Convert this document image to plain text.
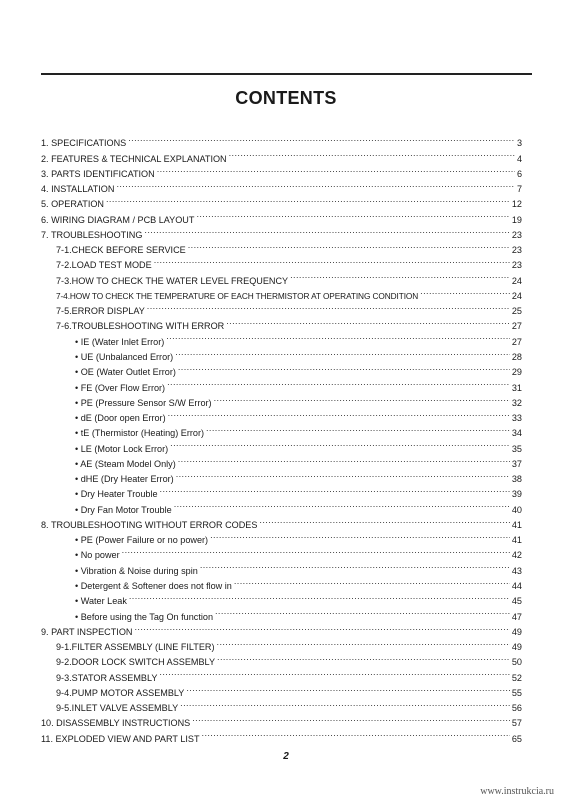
CONTENTS
1. SPECIFICATIONS .....	3
2. FEATURES & TECHNICAL EXPLANATION .....	4
3. PARTS IDENTIFICATION .....	6
4. INSTALLATION .....	7
5. OPERATION .....	12
6. WIRING DIAGRAM / PCB LAYOUT .....	19
7. TROUBLESHOOTING .....	23
7-1.CHECK BEFORE SERVICE .....	23
7-2.LOAD TEST MODE .....	23
7-3.HOW TO CHECK THE WATER LEVEL FREQUENCY .....	24
7-4.HOW TO CHECK THE TEMPERATURE OF EACH THERMISTOR AT OPERATING CONDITION .....	24
7-5.ERROR DISPLAY .....	25
7-6.TROUBLESHOOTING WITH ERROR .....	27
• IE (Water Inlet Error) .....	27
• UE (Unbalanced Error) .....	28
• OE (Water Outlet Error) .....	29
• FE (Over Flow Error) .....	31
• PE (Pressure Sensor S/W Error) .....	32
• dE (Door open Error) .....	33
• tE (Thermistor (Heating) Error) .....	34
• LE (Motor Lock Error) .....	35
• AE (Steam Model Only) .....	37
• dHE (Dry Heater Error) .....	38
• Dry Heater Trouble .....	39
• Dry Fan Motor Trouble .....	40
8. TROUBLESHOOTING WITHOUT ERROR CODES .....	41
• PE (Power Failure or no power) .....	41
• No power .....	42
• Vibration & Noise during spin .....	43
• Detergent & Softener does not flow in .....	44
• Water Leak .....	45
• Before using the Tag On function .....	47
9. PART INSPECTION .....	49
9-1.FILTER ASSEMBLY (LINE FILTER) .....	49
9-2.DOOR LOCK SWITCH ASSEMBLY .....	50
9-3.STATOR ASSEMBLY .....	52
9-4.PUMP MOTOR ASSEMBLY .....	55
9-5.INLET VALVE ASSEMBLY .....	56
10. DISASSEMBLY INSTRUCTIONS .....	57
11. EXPLODED VIEW AND PART LIST .....	65
2
www.instrukcia.ru
